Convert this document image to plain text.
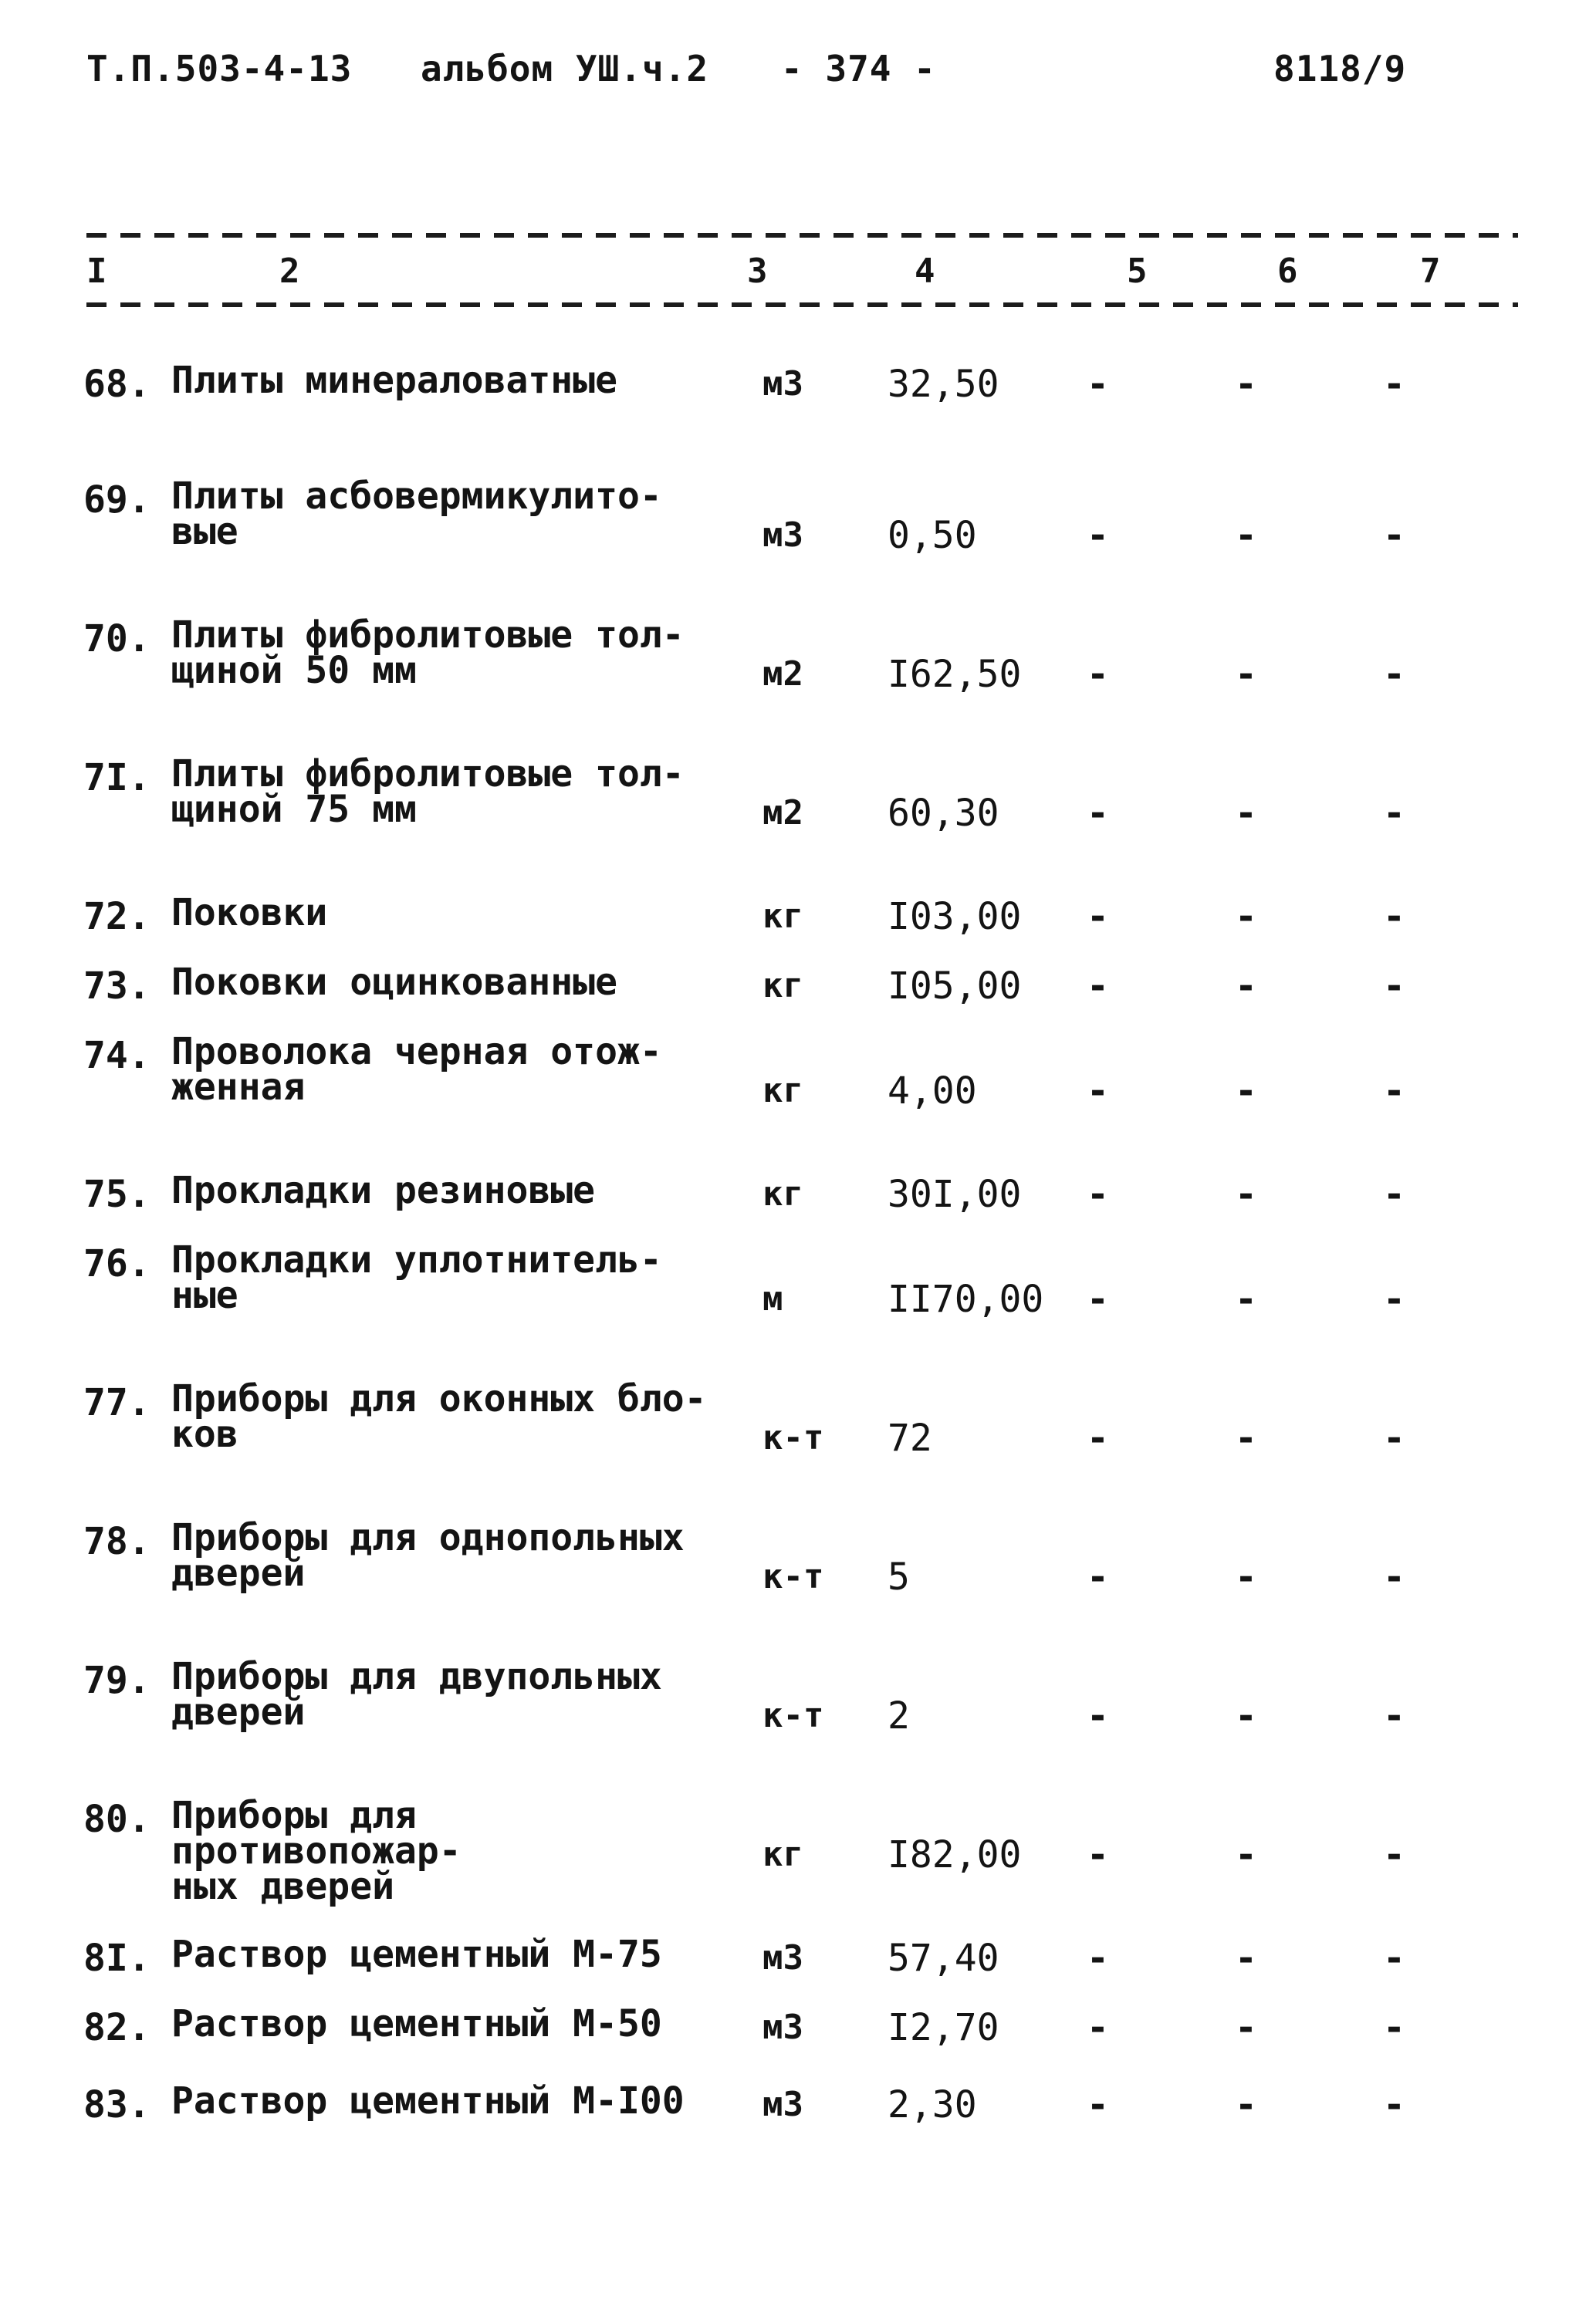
Т.П.503-4-13 альбом УШ.ч.2 - 374 -	8118/9
I	2	3	4	5	6	7
68. Плиты минераловатные	м3 32,50 -	-	-
69. Плиты асбовермикулито-
вые	м3 0,50	-	-	-
70. Плиты фибролитовые тол-
щиной 50 мм	м2 I62,50 -	-	-
7I. Плиты фибролитовые тол-
щиной 75 мм	м2 60,30 -	-	-
72. Поковки	кг I03,00 -	-	-
73. Поковки оцинкованные	кг I05,00 -	-	-
74. Проволока черная отож-
женная	кг 4,00	-	-	-
75. Прокладки резиновые	кг 30I,00 -	-	-
76. Прокладки уплотнитель-
ные	м	II70,00 -	-	-
77. Приборы для оконных бло-
ков	к-т 72	-	-	-
78. Приборы для однопольных
дверей	к-т 5	-	-	-
79. Приборы для двупольных
дверей	к-т 2	-	-	-
80. Приборы для противопожар-
ных дверей
кг I82,00 -	-	-
8I. Раствор цементный М-75	м3 57,40 -	-	-
82. Раствор цементный М-50	м3 I2,70 -	-	-
83. Раствор цементный М-I00	м3 2,30	-	-	-
